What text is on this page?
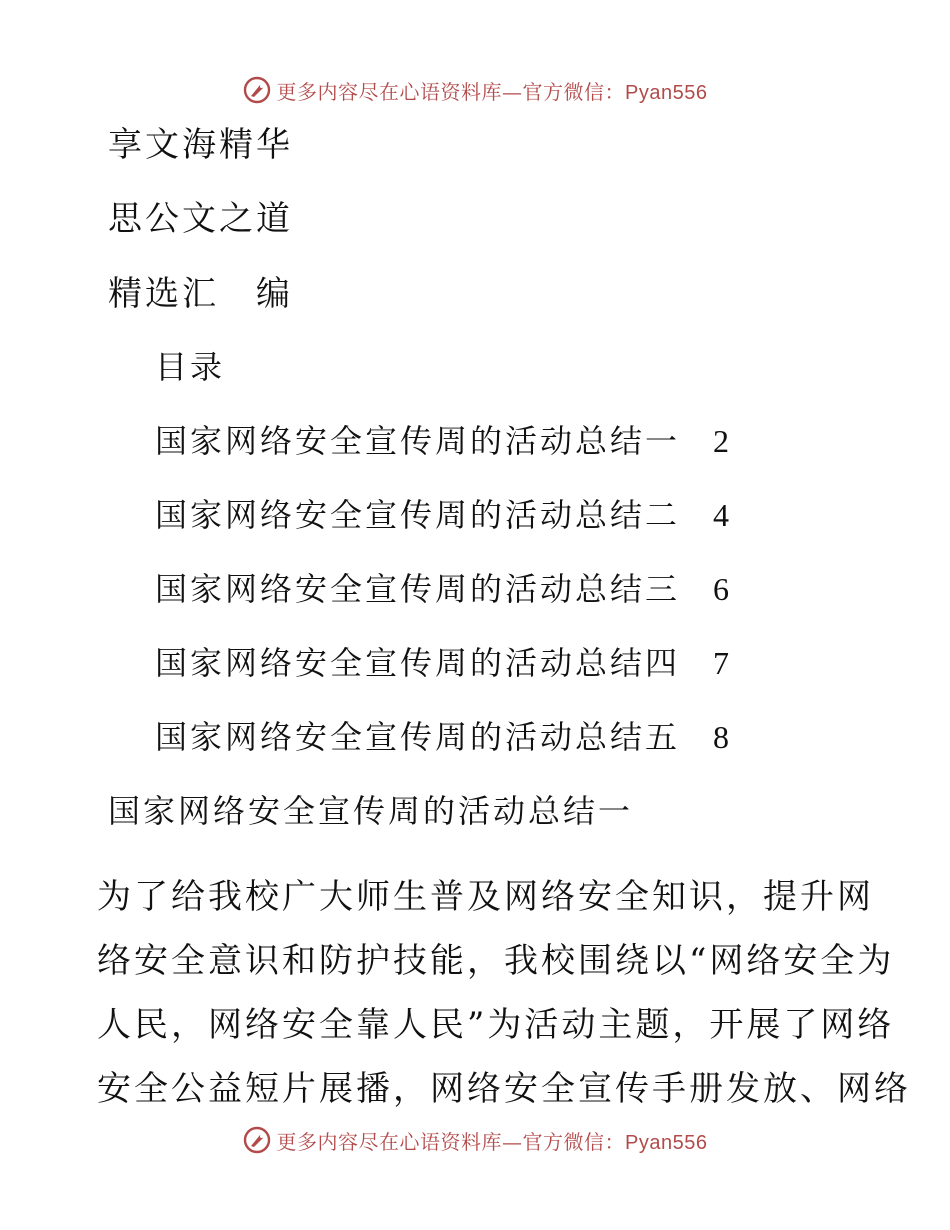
更多内容尽在心语资料库—官方微信：Pyan556
享文海精华
思公文之道
精选汇　编
目录
国家网络安全宣传周的活动总结一 2
国家网络安全宣传周的活动总结二 4
国家网络安全宣传周的活动总结三 6
国家网络安全宣传周的活动总结四 7
国家网络安全宣传周的活动总结五 8
国家网络安全宣传周的活动总结一
为了给我校广大师生普及网络安全知识，提升网
络安全意识和防护技能，我校围绕以“网络安全为
人民，网络安全靠人民”为活动主题，开展了网络
安全公益短片展播，网络安全宣传手册发放、网络
更多内容尽在心语资料库—官方微信：Pyan556
